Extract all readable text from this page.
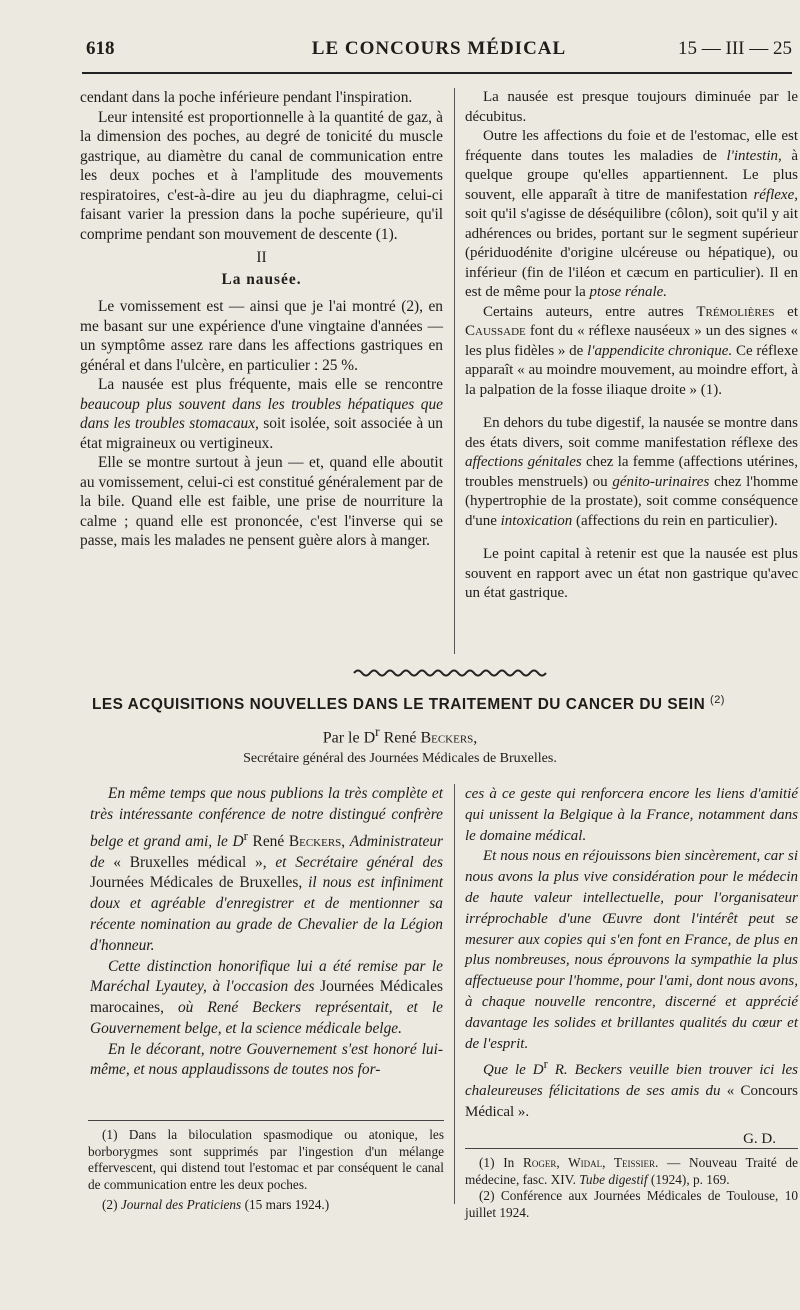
618	LE CONCOURS MÉDICAL	15 — III — 25

cendant dans la poche inférieure pendant l'inspiration.

Leur intensité est proportionnelle à la quantité de gaz, à la dimension des poches, au degré de tonicité du muscle gastrique, au diamètre du canal de communication entre les deux poches et à l'amplitude des mouvements respiratoires, c'est-à-dire au jeu du diaphragme, celui-ci faisant varier la pression dans la poche supérieure, qu'il comprime pendant son mouvement de descente (1).

II
La nausée.

Le vomissement est — ainsi que je l'ai montré (2), en me basant sur une expérience d'une vingtaine d'années — un symptôme assez rare dans les affections gastriques en général et dans l'ulcère, en particulier : 25 %.

La nausée est plus fréquente, mais elle se rencontre beaucoup plus souvent dans les troubles hépatiques que dans les troubles stomacaux, soit isolée, soit associée à un état migraineux ou vertigineux.

Elle se montre surtout à jeun — et, quand elle aboutit au vomissement, celui-ci est constitué généralement par de la bile. Quand elle est faible, une prise de nourriture la calme ; quand elle est prononcée, c'est l'inverse qui se passe, mais les malades ne pensent guère alors à manger.

La nausée est presque toujours diminuée par le décubitus.

Outre les affections du foie et de l'estomac, elle est fréquente dans toutes les maladies de l'intestin, à quelque groupe qu'elles appartiennent. Le plus souvent, elle apparaît à titre de manifestation réflexe, soit qu'il s'agisse de déséquilibre (côlon), soit qu'il y ait adhérences ou brides, portant sur le segment supérieur (périduodénite d'origine ulcéreuse ou hépatique), ou inférieur (fin de l'iléon et cæcum en particulier). Il en est de même pour la ptose rénale.

Certains auteurs, entre autres Trémolières et Caussade font du « réflexe nauséeux » un des signes « les plus fidèles » de l'appendicite chronique. Ce réflexe apparaît « au moindre mouvement, au moindre effort, à la palpation de la fosse iliaque droite » (1).

En dehors du tube digestif, la nausée se montre dans des états divers, soit comme manifestation réflexe des affections génitales chez la femme (affections utérines, troubles menstruels) ou génito-urinaires chez l'homme (hypertrophie de la prostate), soit comme conséquence d'une intoxication (affections du rein en particulier).

Le point capital à retenir est que la nausée est plus souvent en rapport avec un état non gastrique qu'avec un état gastrique.

LES ACQUISITIONS NOUVELLES DANS LE TRAITEMENT DU CANCER DU SEIN $^{(2)}$
Par le $D^r$ René Beckers,
Secrétaire général des Journées Médicales de Bruxelles.

En même temps que nous publions la très complète et très intéressante conférence de notre distingué confrère belge et grand ami, le $D^r$ René Beckers, Administrateur de « Bruxelles médical », et Secrétaire général des Journées Médicales de Bruxelles, il nous est infiniment doux et agréable d'enregistrer et de mentionner sa récente nomination au grade de Chevalier de la Légion d'honneur.

Cette distinction honorifique lui a été remise par le Maréchal Lyautey, à l'occasion des Journées Médicales marocaines, où René Beckers représentait, et le Gouvernement belge, et la science médicale belge.

En le décorant, notre Gouvernement s'est honoré lui-même, et nous applaudissons de toutes nos for-

ces à ce geste qui renforcera encore les liens d'amitié qui unissent la Belgique à la France, notamment dans le domaine médical.

Et nous nous en réjouissons bien sincèrement, car si nous avons la plus vive considération pour le médecin de haute valeur intellectuelle, pour l'organisateur irréprochable d'une Œuvre dont l'intérêt peut se mesurer aux copies qui s'en font en France, de plus en plus nombreuses, nous éprouvons la sympathie la plus affectueuse pour l'homme, pour l'ami, dont nous avons, à chaque nouvelle rencontre, discerné et apprécié davantage les solides et brillantes qualités du cœur et de l'esprit.

Que le $D^r$ R. Beckers veuille bien trouver ici les chaleureuses félicitations de ses amis du « Concours Médical ».

G. D.

(1) Dans la biloculation spasmodique ou atonique, les borborygmes sont supprimés par l'ingestion d'un mélange effervescent, qui distend tout l'estomac et par conséquent le canal de communication entre les deux poches.

(2) Journal des Praticiens (15 mars 1924.)

(1) In Roger, Widal, Teissier. — Nouveau Traité de médecine, fasc. XIV. Tube digestif (1924), p. 169.

(2) Conférence aux Journées Médicales de Toulouse, 10 juillet 1924.
